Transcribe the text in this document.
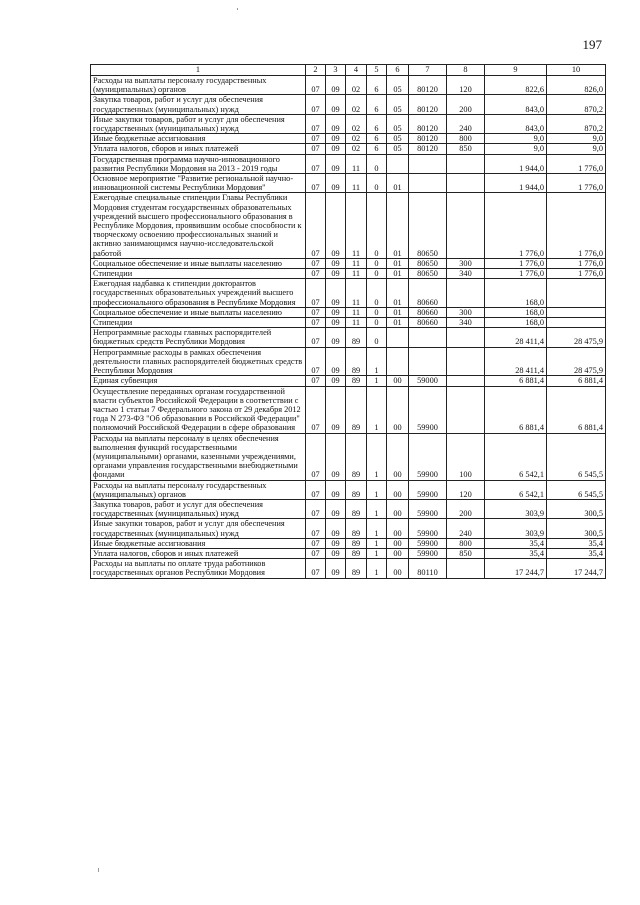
197
1	2	3	4	5	6	7	8	9	10
Расходы на выплаты персоналу государственных (муниципальных) органов	07	09	02	6	05	80120	120	822,6	826,0
Закупка товаров, работ и услуг для обеспечения государственных (муниципальных) нужд	07	09	02	6	05	80120	200	843,0	870,2
Иные закупки товаров, работ и услуг для обеспечения государственных (муниципальных) нужд	07	09	02	6	05	80120	240	843,0	870,2
Иные бюджетные ассигнования	07	09	02	6	05	80120	800	9,0	9,0
Уплата налогов, сборов и иных платежей	07	09	02	6	05	80120	850	9,0	9,0
Государственная программа научно-инновационного развития Республики Мордовия на 2013 - 2019 годы	07	09	11	0				1 944,0	1 776,0
Основное мероприятие "Развитие региональной научно-инновационной системы Республики Мордовия"	07	09	11	0	01			1 944,0	1 776,0
Ежегодные специальные стипендии Главы Республики Мордовия студентам государственных образовательных учреждений высшего профессионального образования в Республике Мордовия, проявившим особые способности к творческому освоению профессиональных знаний и активно занимающимся научно-исследовательской работой	07	09	11	0	01	80650		1 776,0	1 776,0
Социальное обеспечение и иные выплаты населению	07	09	11	0	01	80650	300	1 776,0	1 776,0
Стипендии	07	09	11	0	01	80650	340	1 776,0	1 776,0
Ежегодная надбавка к стипендии докторантов государственных образовательных учреждений высшего профессионального образования в Республике Мордовия	07	09	11	0	01	80660		168,0	
Социальное обеспечение и иные выплаты населению	07	09	11	0	01	80660	300	168,0	
Стипендии	07	09	11	0	01	80660	340	168,0	
Непрограммные расходы главных распорядителей бюджетных средств Республики Мордовия	07	09	89	0				28 411,4	28 475,9
Непрограммные расходы в рамках обеспечения деятельности главных распорядителей бюджетных средств Республики Мордовия	07	09	89	1				28 411,4	28 475,9
Единая субвенция	07	09	89	1	00	59000		6 881,4	6 881,4
Осуществление переданных органам государственной власти субъектов Российской Федерации в соответствии с частью 1 статьи 7 Федерального закона от 29 декабря 2012 года N 273-ФЗ "Об образовании в Российской Федерации" полномочий Российской Федерации в сфере образования	07	09	89	1	00	59900		6 881,4	6 881,4
Расходы на выплаты персоналу в целях обеспечения выполнения функций государственными (муниципальными) органами, казенными учреждениями, органами управления государственными внебюджетными фондами	07	09	89	1	00	59900	100	6 542,1	6 545,5
Расходы на выплаты персоналу государственных (муниципальных) органов	07	09	89	1	00	59900	120	6 542,1	6 545,5
Закупка товаров, работ и услуг для обеспечения государственных (муниципальных) нужд	07	09	89	1	00	59900	200	303,9	300,5
Иные закупки товаров, работ и услуг для обеспечения государственных (муниципальных) нужд	07	09	89	1	00	59900	240	303,9	300,5
Иные бюджетные ассигнования	07	09	89	1	00	59900	800	35,4	35,4
Уплата налогов, сборов и иных платежей	07	09	89	1	00	59900	850	35,4	35,4
Расходы на выплаты по оплате труда работников государственных органов Республики Мордовия	07	09	89	1	00	80110		17 244,7	17 244,7
